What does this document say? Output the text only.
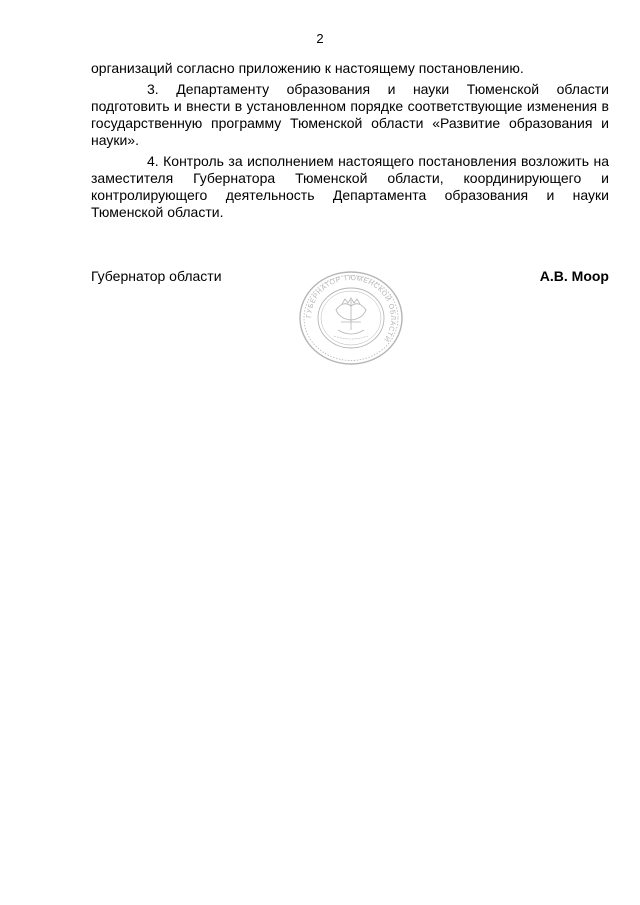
2

организаций согласно приложению к настоящему постановлению.

3. Департаменту образования и науки Тюменской области подготовить и внести в установленном порядке соответствующие изменения в государственную программу Тюменской области «Развитие образования и науки».

4. Контроль за исполнением настоящего постановления возложить на заместителя Губернатора Тюменской области, координирующего и контролирующего деятельность Департамента образования и науки Тюменской области.

Губернатор области	А.В. Моор
ГУБЕРНАТОР ТЮМЕНСКОЙ ОБЛАСТИ
